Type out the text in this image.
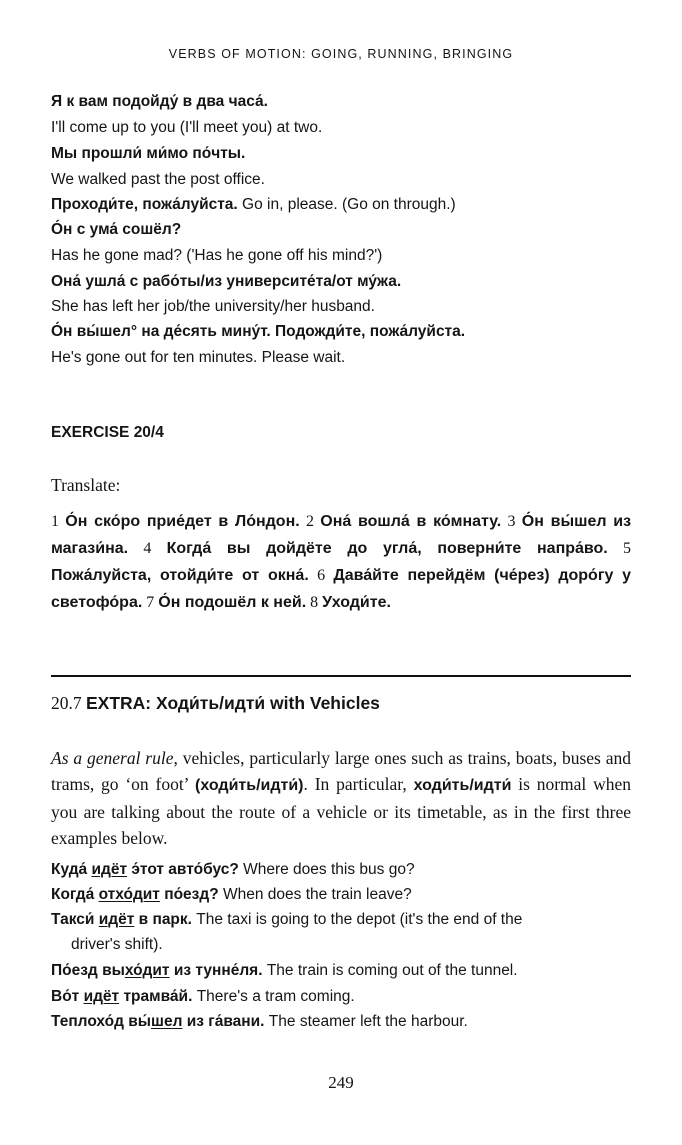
VERBS OF MOTION: GOING, RUNNING, BRINGING
Я к вам подойду́ в два часа́.
I'll come up to you (I'll meet you) at two.
Мы прошли́ ми́мо по́чты.
We walked past the post office.
Проходи́те, пожа́луйста. Go in, please. (Go on through.)
О́н с ума́ сошёл?
Has he gone mad? ('Has he gone off his mind?')
Она́ ушла́ с рабо́ты/из университе́та/от му́жа.
She has left her job/the university/her husband.
О́н вы́шел° на де́сять мину́т. Подожди́те, пожа́луйста.
He's gone out for ten minutes. Please wait.
EXERCISE 20/4
Translate:
1 О́н ско́ро прие́дет в Ло́ндон. 2 Она́ вошла́ в ко́мнату. 3 О́н вы́шел из магази́на. 4 Когда́ вы дойдёте до угла́, поверни́те напра́во. 5 Пожа́луйста, отойди́те от окна́. 6 Дава́йте перейдём (че́рез) доро́гу у светофо́ра. 7 О́н подошёл к ней. 8 Уходи́те.
20.7 EXTRA: Ходи́ть/идти́ with Vehicles
As a general rule, vehicles, particularly large ones such as trains, boats, buses and trams, go ‘on foot’ (ходи́ть/идти́). In particular, ходи́ть/идти́ is normal when you are talking about the route of a vehicle or its timetable, as in the first three examples below.
Куда́ идёт э́тот авто́бус? Where does this bus go?
Когда́ отхо́дит по́езд? When does the train leave?
Такси́ идёт в парк. The taxi is going to the depot (it's the end of the
driver's shift).
По́езд выхо́дит из тунне́ля. The train is coming out of the tunnel.
Во́т идёт трамва́й. There's a tram coming.
Теплохо́д вы́шел из га́вани. The steamer left the harbour.
249
